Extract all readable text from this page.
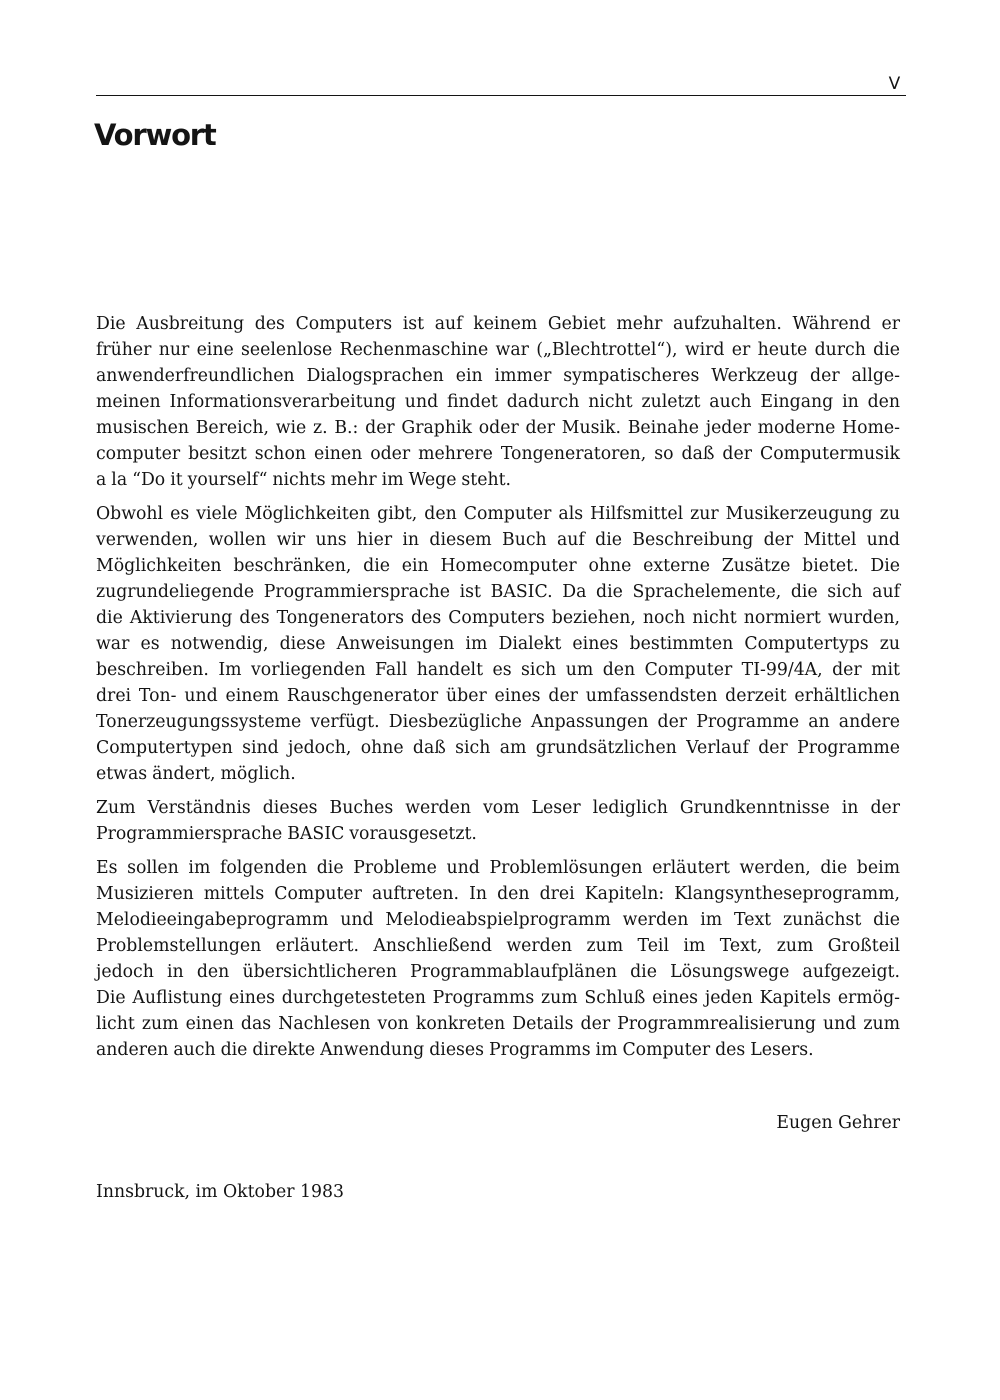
V
Vorwort

Die Ausbreitung des Computers ist auf keinem Gebiet mehr aufzuhalten. Während er
früher nur eine seelenlose Rechenmaschine war („Blechtrottel“), wird er heute durch die
anwenderfreundlichen Dialogsprachen ein immer sympatischeres Werkzeug der allge-
meinen Informationsverarbeitung und findet dadurch nicht zuletzt auch Eingang in den
musischen Bereich, wie z. B.: der Graphik oder der Musik. Beinahe jeder moderne Home-
computer besitzt schon einen oder mehrere Tongeneratoren, so daß der Computermusik
a la “Do it yourself“ nichts mehr im Wege steht.

Obwohl es viele Möglichkeiten gibt, den Computer als Hilfsmittel zur Musikerzeugung zu
verwenden, wollen wir uns hier in diesem Buch auf die Beschreibung der Mittel und
Möglichkeiten beschränken, die ein Homecomputer ohne externe Zusätze bietet. Die
zugrundeliegende Programmiersprache ist BASIC. Da die Sprachelemente, die sich auf
die Aktivierung des Tongenerators des Computers beziehen, noch nicht normiert wurden,
war es notwendig, diese Anweisungen im Dialekt eines bestimmten Computertyps zu
beschreiben. Im vorliegenden Fall handelt es sich um den Computer TI-99/4A, der mit
drei Ton- und einem Rauschgenerator über eines der umfassendsten derzeit erhältlichen
Tonerzeugungssysteme verfügt. Diesbezügliche Anpassungen der Programme an andere
Computertypen sind jedoch, ohne daß sich am grundsätzlichen Verlauf der Programme
etwas ändert, möglich.

Zum Verständnis dieses Buches werden vom Leser lediglich Grundkenntnisse in der
Programmiersprache BASIC vorausgesetzt.

Es sollen im folgenden die Probleme und Problemlösungen erläutert werden, die beim
Musizieren mittels Computer auftreten. In den drei Kapiteln: Klangsyntheseprogramm,
Melodieeingabeprogramm und Melodieabspielprogramm werden im Text zunächst die
Problemstellungen erläutert. Anschließend werden zum Teil im Text, zum Großteil
jedoch in den übersichtlicheren Programmablaufplänen die Lösungswege aufgezeigt.
Die Auflistung eines durchgetesteten Programms zum Schluß eines jeden Kapitels ermög-
licht zum einen das Nachlesen von konkreten Details der Programmrealisierung und zum
anderen auch die direkte Anwendung dieses Programms im Computer des Lesers.

Eugen Gehrer
Innsbruck, im Oktober 1983
